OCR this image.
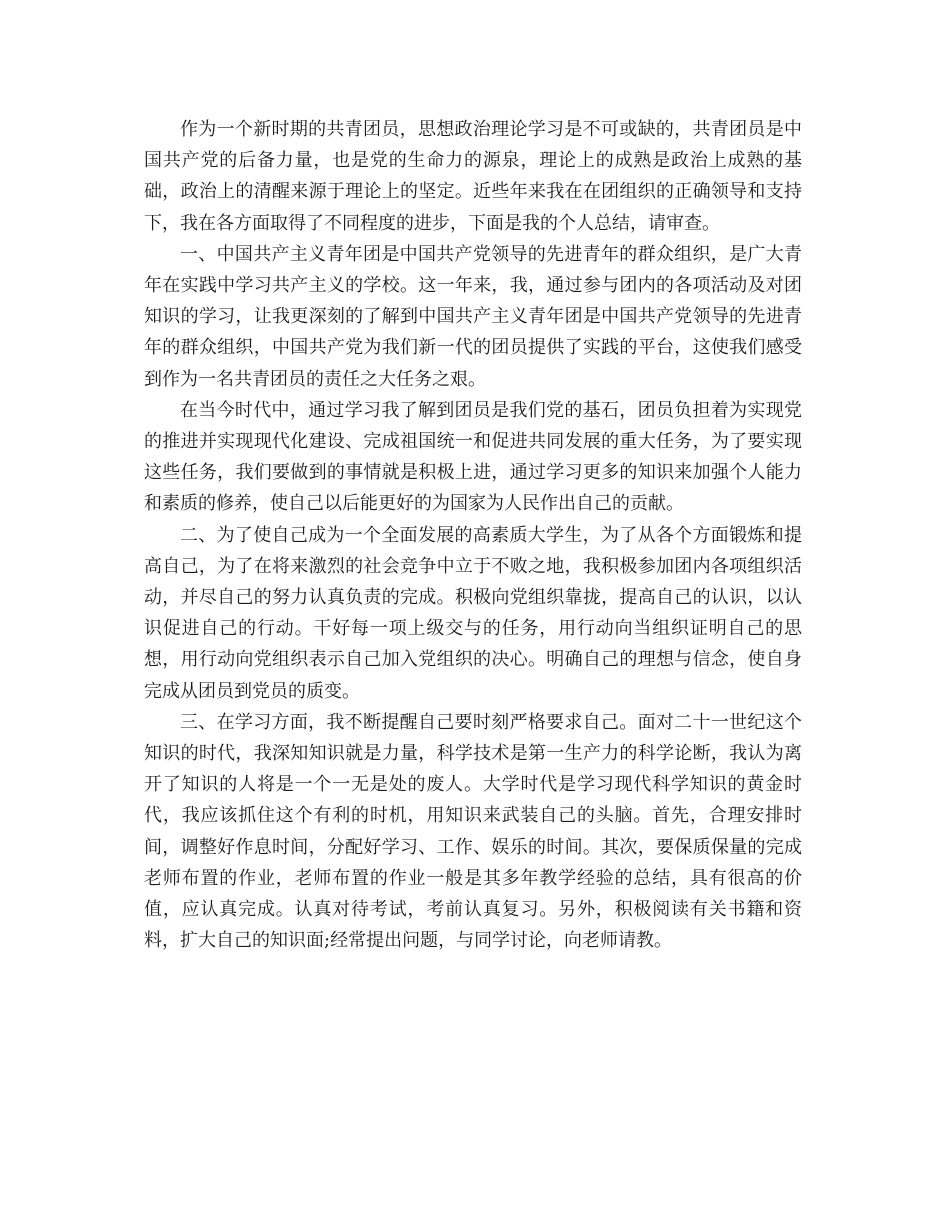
作为一个新时期的共青团员，思想政治理论学习是不可或缺的，共青团员是中国共产党的后备力量，也是党的生命力的源泉，理论上的成熟是政治上成熟的基础，政治上的清醒来源于理论上的坚定。近些年来我在在团组织的正确领导和支持下，我在各方面取得了不同程度的进步，下面是我的个人总结，请审查。

一、中国共产主义青年团是中国共产党领导的先进青年的群众组织，是广大青年在实践中学习共产主义的学校。这一年来，我，通过参与团内的各项活动及对团知识的学习，让我更深刻的了解到中国共产主义青年团是中国共产党领导的先进青年的群众组织，中国共产党为我们新一代的团员提供了实践的平台，这使我们感受到作为一名共青团员的责任之大任务之艰。

在当今时代中，通过学习我了解到团员是我们党的基石，团员负担着为实现党的推进并实现现代化建设、完成祖国统一和促进共同发展的重大任务，为了要实现这些任务，我们要做到的事情就是积极上进，通过学习更多的知识来加强个人能力和素质的修养，使自己以后能更好的为国家为人民作出自己的贡献。

二、为了使自己成为一个全面发展的高素质大学生，为了从各个方面锻炼和提高自己，为了在将来激烈的社会竞争中立于不败之地，我积极参加团内各项组织活动，并尽自己的努力认真负责的完成。积极向党组织靠拢，提高自己的认识，以认识促进自己的行动。干好每一项上级交与的任务，用行动向当组织证明自己的思想，用行动向党组织表示自己加入党组织的决心。明确自己的理想与信念，使自身完成从团员到党员的质变。

三、在学习方面，我不断提醒自己要时刻严格要求自己。面对二十一世纪这个知识的时代，我深知知识就是力量，科学技术是第一生产力的科学论断，我认为离开了知识的人将是一个一无是处的废人。大学时代是学习现代科学知识的黄金时代，我应该抓住这个有利的时机，用知识来武装自己的头脑。首先，合理安排时间，调整好作息时间，分配好学习、工作、娱乐的时间。其次，要保质保量的完成老师布置的作业，老师布置的作业一般是其多年教学经验的总结，具有很高的价值，应认真完成。认真对待考试，考前认真复习。另外，积极阅读有关书籍和资料，扩大自己的知识面;经常提出问题，与同学讨论，向老师请教。
